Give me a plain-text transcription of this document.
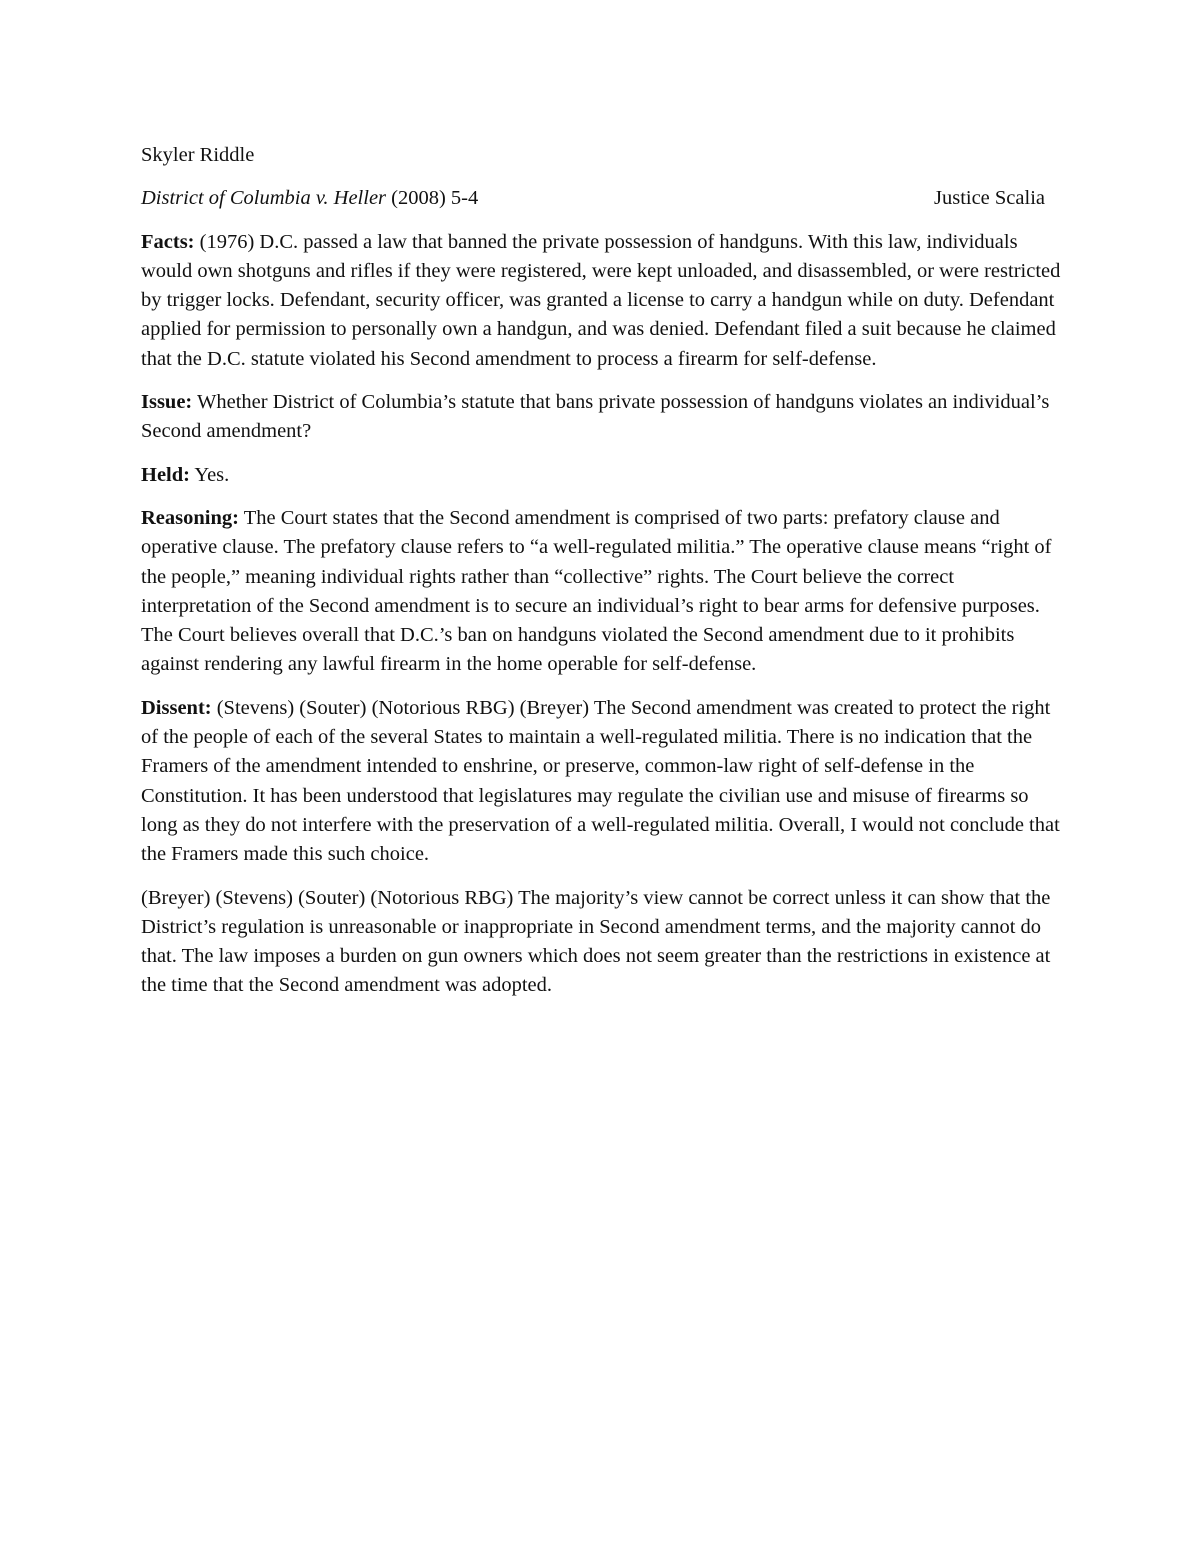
Skyler Riddle

District of Columbia v. Heller (2008) 5-4	Justice Scalia

Facts: (1976) D.C. passed a law that banned the private possession of handguns. With this law, individuals would own shotguns and rifles if they were registered, were kept unloaded, and disassembled, or were restricted by trigger locks. Defendant, security officer, was granted a license to carry a handgun while on duty. Defendant applied for permission to personally own a handgun, and was denied. Defendant filed a suit because he claimed that the D.C. statute violated his Second amendment to process a firearm for self-defense.

Issue: Whether District of Columbia’s statute that bans private possession of handguns violates an individual’s Second amendment?

Held: Yes.

Reasoning: The Court states that the Second amendment is comprised of two parts: prefatory clause and operative clause. The prefatory clause refers to “a well-regulated militia.” The operative clause means “right of the people,” meaning individual rights rather than “collective” rights. The Court believe the correct interpretation of the Second amendment is to secure an individual’s right to bear arms for defensive purposes. The Court believes overall that D.C.’s ban on handguns violated the Second amendment due to it prohibits against rendering any lawful firearm in the home operable for self-defense.

Dissent: (Stevens) (Souter) (Notorious RBG) (Breyer) The Second amendment was created to protect the right of the people of each of the several States to maintain a well-regulated militia. There is no indication that the Framers of the amendment intended to enshrine, or preserve, common-law right of self-defense in the Constitution. It has been understood that legislatures may regulate the civilian use and misuse of firearms so long as they do not interfere with the preservation of a well-regulated militia. Overall, I would not conclude that the Framers made this such choice.

(Breyer) (Stevens) (Souter) (Notorious RBG) The majority’s view cannot be correct unless it can show that the District’s regulation is unreasonable or inappropriate in Second amendment terms, and the majority cannot do that. The law imposes a burden on gun owners which does not seem greater than the restrictions in existence at the time that the Second amendment was adopted.
